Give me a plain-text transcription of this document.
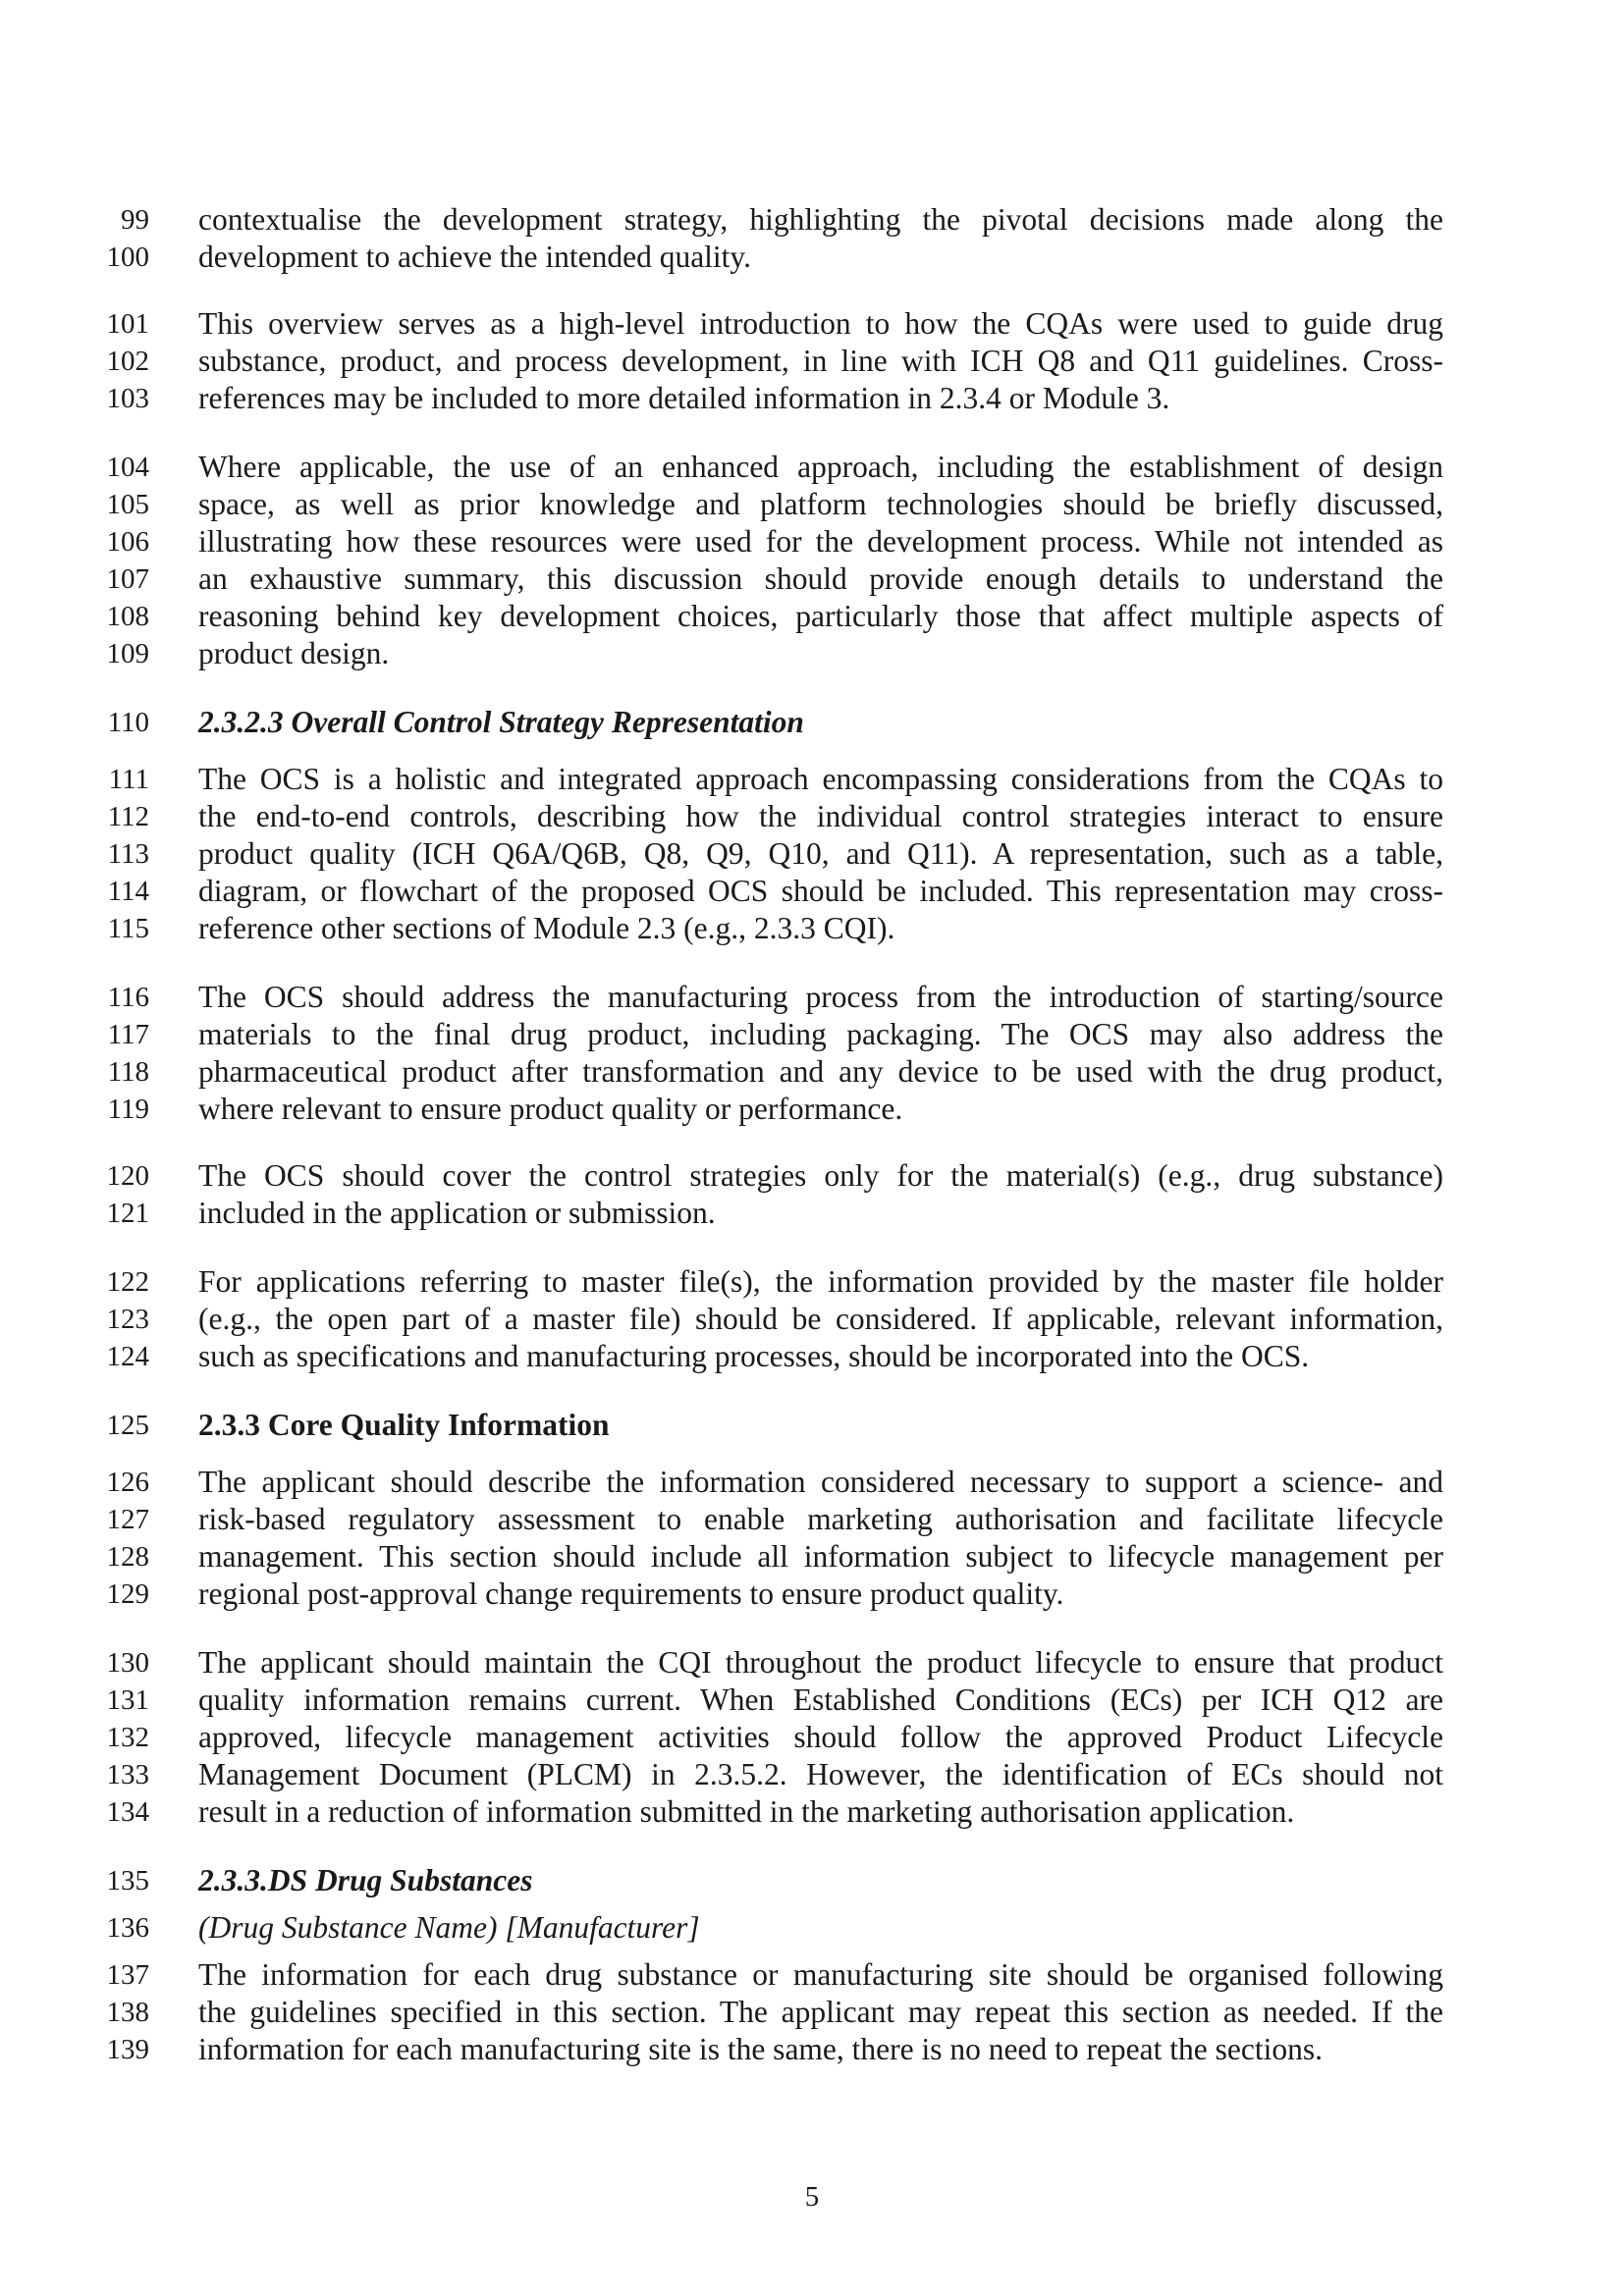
99 contextualise the development strategy, highlighting the pivotal decisions made along the
100 development to achieve the intended quality.
101 This overview serves as a high-level introduction to how the CQAs were used to guide drug
102 substance, product, and process development, in line with ICH Q8 and Q11 guidelines. Cross-
103 references may be included to more detailed information in 2.3.4 or Module 3.
104 Where applicable, the use of an enhanced approach, including the establishment of design
105 space, as well as prior knowledge and platform technologies should be briefly discussed,
106 illustrating how these resources were used for the development process. While not intended as
107 an exhaustive summary, this discussion should provide enough details to understand the
108 reasoning behind key development choices, particularly those that affect multiple aspects of
109 product design.
110 2.3.2.3 Overall Control Strategy Representation
111 The OCS is a holistic and integrated approach encompassing considerations from the CQAs to
112 the end-to-end controls, describing how the individual control strategies interact to ensure
113 product quality (ICH Q6A/Q6B, Q8, Q9, Q10, and Q11). A representation, such as a table,
114 diagram, or flowchart of the proposed OCS should be included. This representation may cross-
115 reference other sections of Module 2.3 (e.g., 2.3.3 CQI).
116 The OCS should address the manufacturing process from the introduction of starting/source
117 materials to the final drug product, including packaging. The OCS may also address the
118 pharmaceutical product after transformation and any device to be used with the drug product,
119 where relevant to ensure product quality or performance.
120 The OCS should cover the control strategies only for the material(s) (e.g., drug substance)
121 included in the application or submission.
122 For applications referring to master file(s), the information provided by the master file holder
123 (e.g., the open part of a master file) should be considered. If applicable, relevant information,
124 such as specifications and manufacturing processes, should be incorporated into the OCS.
125 2.3.3 Core Quality Information
126 The applicant should describe the information considered necessary to support a science- and
127 risk-based regulatory assessment to enable marketing authorisation and facilitate lifecycle
128 management. This section should include all information subject to lifecycle management per
129 regional post-approval change requirements to ensure product quality.
130 The applicant should maintain the CQI throughout the product lifecycle to ensure that product
131 quality information remains current. When Established Conditions (ECs) per ICH Q12 are
132 approved, lifecycle management activities should follow the approved Product Lifecycle
133 Management Document (PLCM) in 2.3.5.2. However, the identification of ECs should not
134 result in a reduction of information submitted in the marketing authorisation application.
135 2.3.3.DS Drug Substances
136 (Drug Substance Name) [Manufacturer]
137 The information for each drug substance or manufacturing site should be organised following
138 the guidelines specified in this section. The applicant may repeat this section as needed. If the
139 information for each manufacturing site is the same, there is no need to repeat the sections.
5
